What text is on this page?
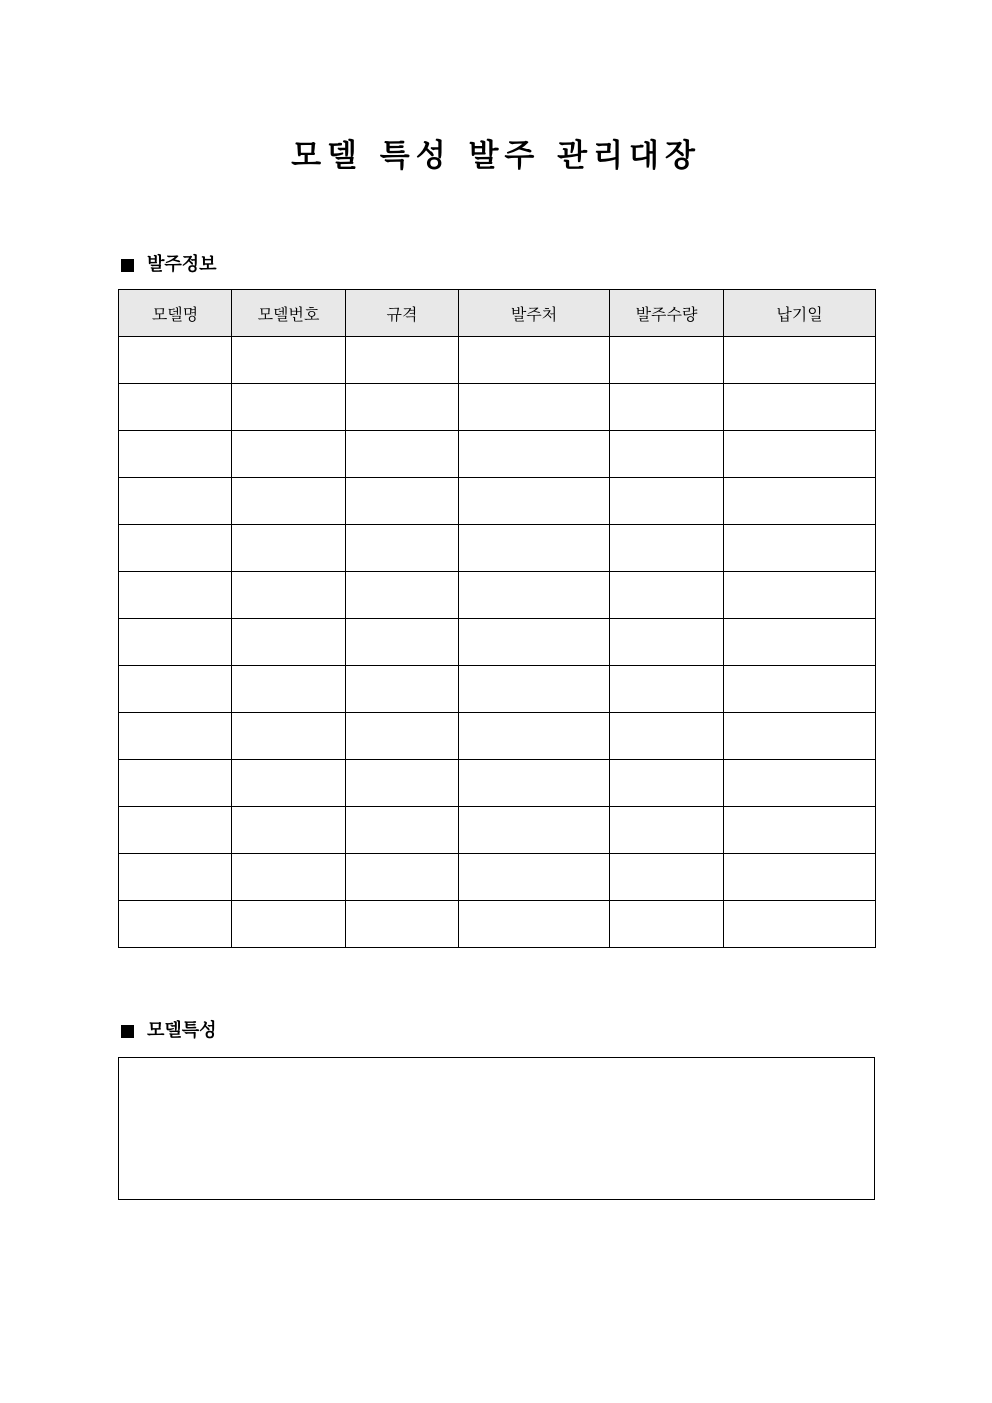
모델 특성 발주 관리대장
발주정보
모델명	모델번호	규격	발주처	발주수량	납기일

모델특성
